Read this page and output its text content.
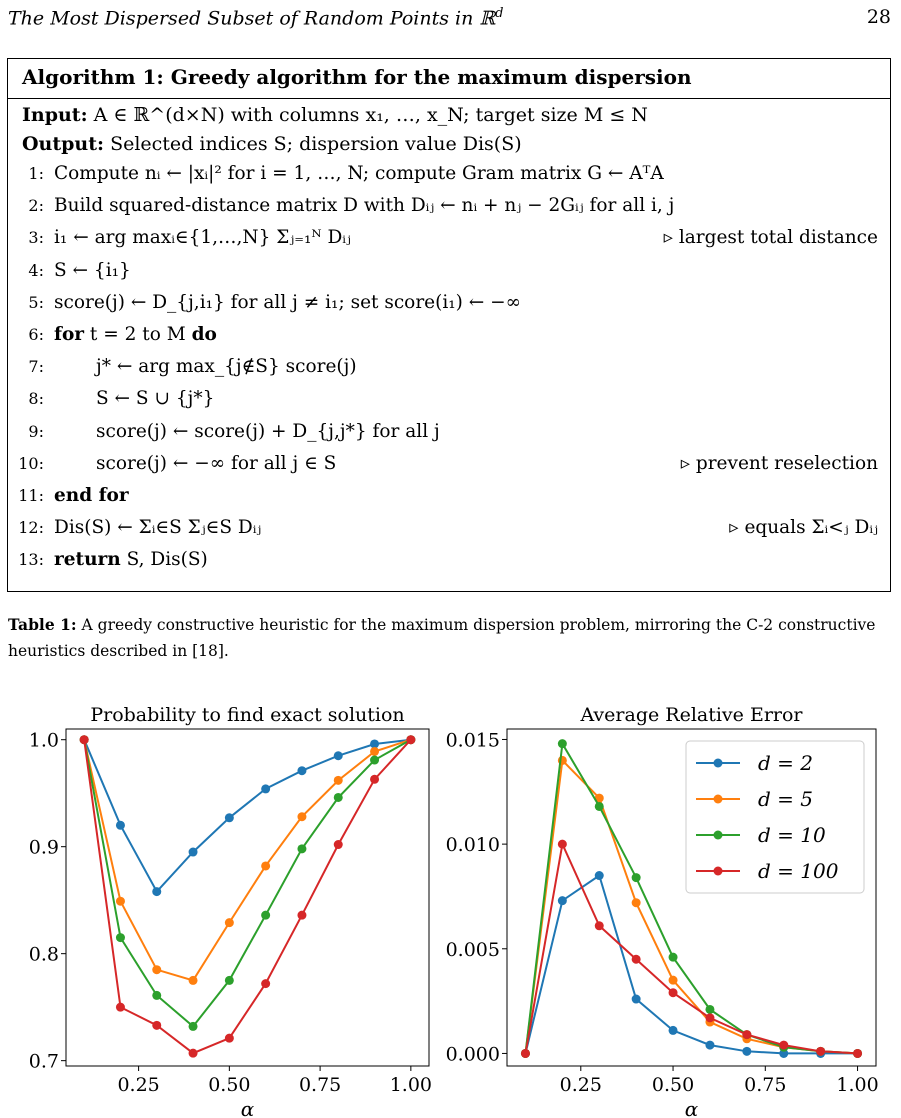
The Most Dispersed Subset of Random Points in ℝ$^d$	28
Algorithm 1: Greedy algorithm for the maximum dispersion
Input: A ∈ ℝ^(d×N) with columns x₁, …, x_N; target size M ≤ N
Output: Selected indices S; dispersion value Dis(S)
1: Compute nᵢ ← |xᵢ|² for i = 1, …, N; compute Gram matrix G ← AᵀA
2: Build squared-distance matrix D with Dᵢⱼ ← nᵢ + nⱼ − 2Gᵢⱼ for all i, j
3: i₁ ← arg maxᵢ∈{1,…,N} Σⱼ₌₁ᴺ Dᵢⱼ	▹ largest total distance
4: S ← {i₁}
5: score(j) ← D_{j,i₁} for all j ≠ i₁; set score(i₁) ← −∞
6: for t = 2 to M do
7:	j* ← arg max_{j∉S} score(j)
8:	S ← S ∪ {j*}
9:	score(j) ← score(j) + D_{j,j*} for all j
10:	score(j) ← −∞ for all j ∈ S	▹ prevent reselection
11: end for
12: Dis(S) ← Σᵢ∈S Σⱼ∈S Dᵢⱼ	▹ equals Σᵢ<ⱼ Dᵢⱼ
13: return S, Dis(S)
Table 1: A greedy constructive heuristic for the maximum dispersion problem, mirroring the C-2 constructive heuristics described in [18].
Probability to find exact solution
0.7
0.8
0.9
1.0
0.25	0.50	0.75	1.00
α
Average Relative Error
0.000
0.005
0.010
0.015
0.25	0.50	0.75	1.00
α
d = 2
d = 5
d = 10
d = 100
